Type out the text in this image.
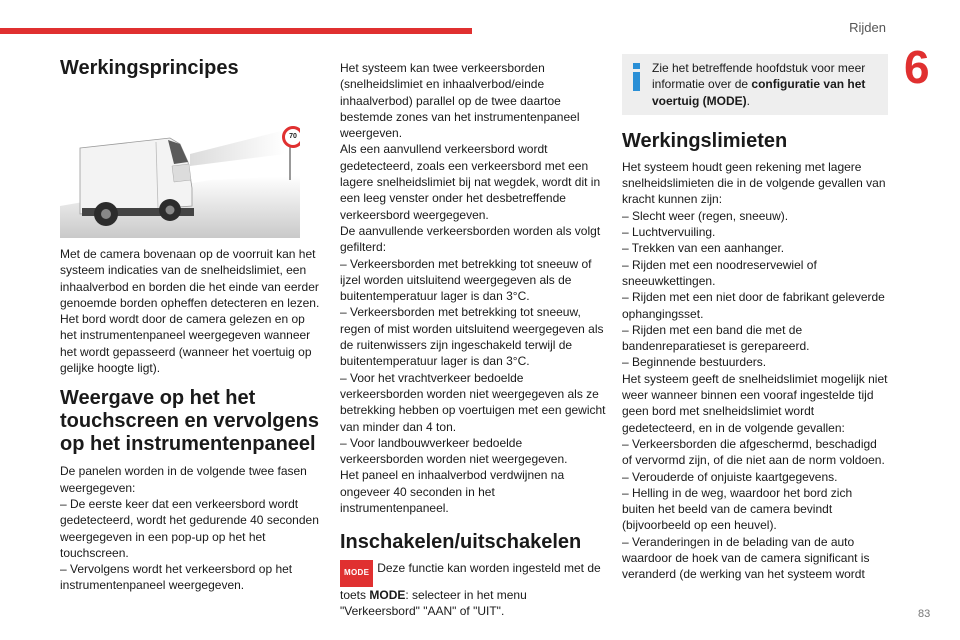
Rijden
6
83
Werkingsprincipes
70

Met de camera bovenaan op de voorruit kan het systeem indicaties van de snelheidslimiet, een inhaalverbod en borden die het einde van eerder genoemde borden opheffen detecteren en lezen. Het bord wordt door de camera gelezen en op het instrumentenpaneel weergegeven wanneer het wordt gepasseerd (wanneer het voertuig op gelijke hoogte ligt).

Weergave op het het touchscreen en vervolgens op het instrumentenpaneel

De panelen worden in de volgende twee fasen weergegeven:

– De eerste keer dat een verkeersbord wordt gedetecteerd, wordt het gedurende 40 seconden weergegeven in een pop-up op het het touchscreen.

– Vervolgens wordt het verkeersbord op het instrumentenpaneel weergegeven.

Het systeem kan twee verkeersborden (snelheidslimiet en inhaalverbod/einde inhaalverbod) parallel op de twee daartoe bestemde zones van het instrumentenpaneel weergeven.

Als een aanvullend verkeersbord wordt gedetecteerd, zoals een verkeersbord met een lagere snelheidslimiet bij nat wegdek, wordt dit in een leeg venster onder het desbetreffende verkeersbord weergegeven.

De aanvullende verkeersborden worden als volgt gefilterd:

– Verkeersborden met betrekking tot sneeuw of ijzel worden uitsluitend weergegeven als de buitentemperatuur lager is dan 3°C.

– Verkeersborden met betrekking tot sneeuw, regen of mist worden uitsluitend weergegeven als de ruitenwissers zijn ingeschakeld terwijl de buitentemperatuur lager is dan 3°C.

– Voor het vrachtverkeer bedoelde verkeersborden worden niet weergegeven als ze betrekking hebben op voertuigen met een gewicht van minder dan 4 ton.

– Voor landbouwverkeer bedoelde verkeersborden worden niet weergegeven.

Het paneel en inhaalverbod verdwijnen na ongeveer 40 seconden in het instrumentenpaneel.

Inschakelen/uitschakelen
MODE Deze functie kan worden ingesteld met de toets MODE: selecteer in het menu "Verkeersbord" "AAN" of "UIT".
Zie het betreffende hoofdstuk voor meer informatie over de configuratie van het voertuig (MODE).
Werkingslimieten

Het systeem houdt geen rekening met lagere snelheidslimieten die in de volgende gevallen van kracht kunnen zijn:

– Slecht weer (regen, sneeuw).

– Luchtvervuiling.

– Trekken van een aanhanger.

– Rijden met een noodreservewiel of sneeuwkettingen.

– Rijden met een niet door de fabrikant geleverde ophangingsset.

– Rijden met een band die met de bandenreparatieset is gerepareerd.

– Beginnende bestuurders.

Het systeem geeft de snelheidslimiet mogelijk niet weer wanneer binnen een vooraf ingestelde tijd geen bord met snelheidslimiet wordt gedetecteerd, en in de volgende gevallen:

– Verkeersborden die afgeschermd, beschadigd of vervormd zijn, of die niet aan de norm voldoen.

– Verouderde of onjuiste kaartgegevens.

– Helling in de weg, waardoor het bord zich buiten het beeld van de camera bevindt (bijvoorbeeld op een heuvel).

– Veranderingen in de belading van de auto waardoor de hoek van de camera significant is veranderd (de werking van het systeem wordt
